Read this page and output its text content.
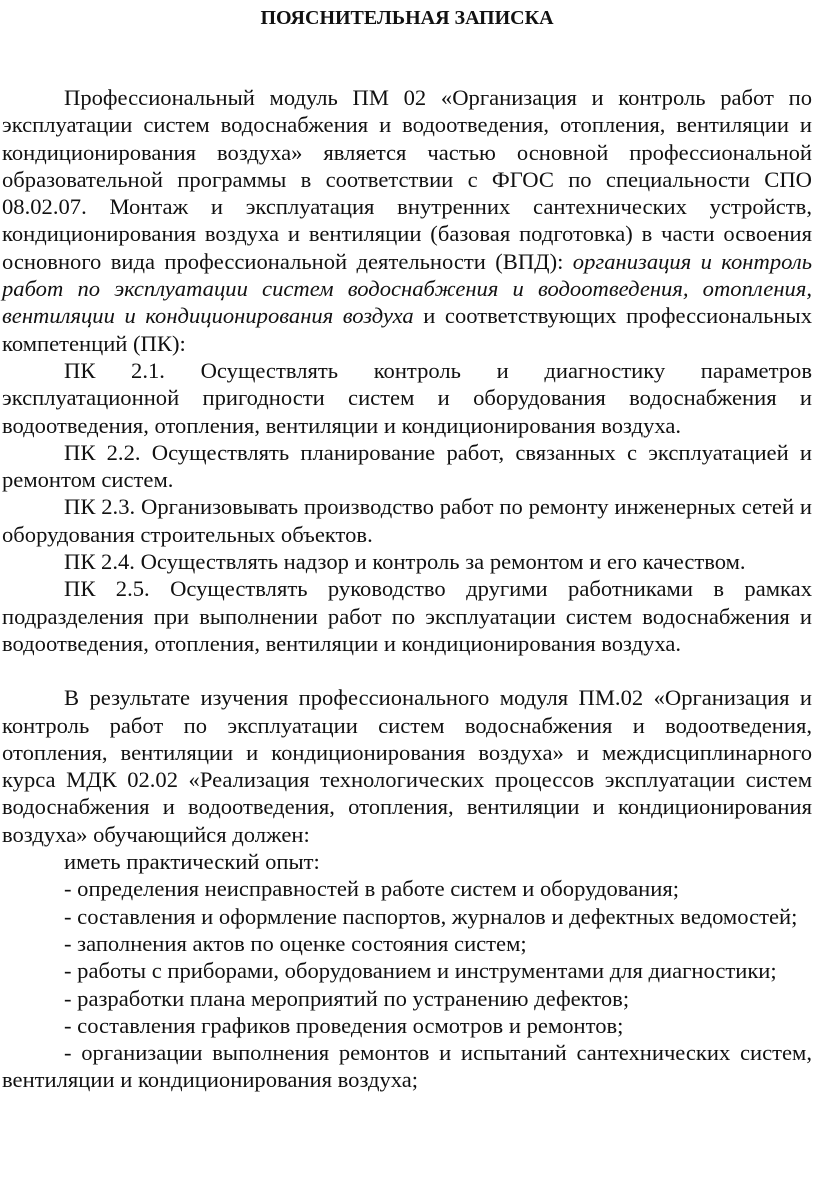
ПОЯСНИТЕЛЬНАЯ ЗАПИСКА

Профессиональный модуль ПМ 02 «Организация и контроль работ по эксплуатации систем водоснабжения и водоотведения, отопления, вентиляции и кондиционирования воздуха» является частью основной профессиональной образовательной программы в соответствии с ФГОС по специальности СПО 08.02.07. Монтаж и эксплуатация внутренних сантехнических устройств, кондиционирования воздуха и вентиляции (базовая подготовка) в части освоения основного вида профессиональной деятельности (ВПД): организация и контроль работ по эксплуатации систем водоснабжения и водоотведения, отопления, вентиляции и кондиционирования воздуха и соответствующих профессиональных компетенций (ПК):

ПК 2.1. Осуществлять контроль и диагностику параметров эксплуатационной пригодности систем и оборудования водоснабжения и водоотведения, отопления, вентиляции и кондиционирования воздуха.

ПК 2.2. Осуществлять планирование работ, связанных с эксплуатацией и ремонтом систем.

ПК 2.3. Организовывать производство работ по ремонту инженерных сетей и оборудования строительных объектов.

ПК 2.4. Осуществлять надзор и контроль за ремонтом и его качеством.

ПК 2.5. Осуществлять руководство другими работниками в рамках подразделения при выполнении работ по эксплуатации систем водоснабжения и водоотведения, отопления, вентиляции и кондиционирования воздуха.

В результате изучения профессионального модуля ПМ.02 «Организация и контроль работ по эксплуатации систем водоснабжения и водоотведения, отопления, вентиляции и кондиционирования воздуха» и междисциплинарного курса МДК 02.02 «Реализация технологических процессов эксплуатации систем водоснабжения и водоотведения, отопления, вентиляции и кондиционирования воздуха» обучающийся должен:

иметь практический опыт:

- определения неисправностей в работе систем и оборудования;

- составления и оформление паспортов, журналов и дефектных ведомостей;

- заполнения актов по оценке состояния систем;

- работы с приборами, оборудованием и инструментами для диагностики;

- разработки плана мероприятий по устранению дефектов;

- составления графиков проведения осмотров и ремонтов;

- организации выполнения ремонтов и испытаний сантехнических систем, вентиляции и кондиционирования воздуха;
